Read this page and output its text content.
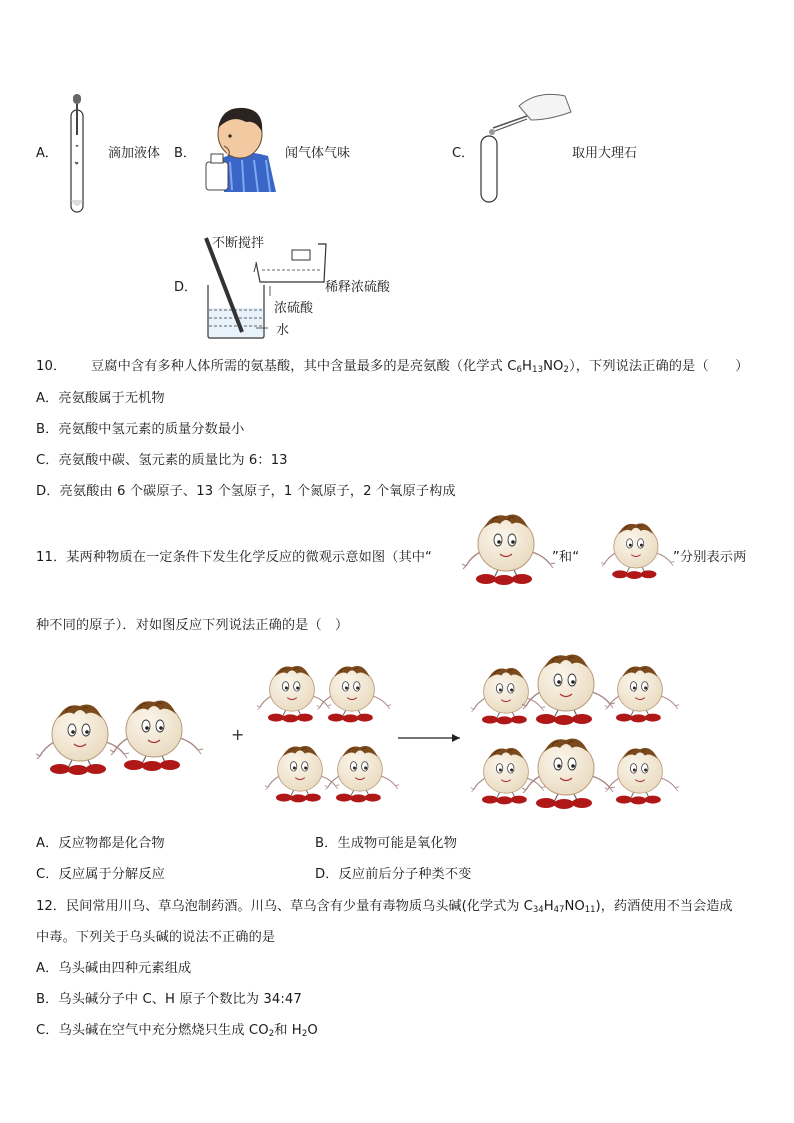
A．	滴加液体 B．	闻气体气味	C．	取用大理石
D．
不断搅拌
稀释浓硫酸
浓硫酸
水
10． 豆腐中含有多种人体所需的氨基酸，其中含量最多的是亮氨酸（化学式 $C_6H_{13}NO_2$），下列说法正确的是（　　）
A．亮氨酸属于无机物
B．亮氨酸中氢元素的质量分数最小
C．亮氨酸中碳、氢元素的质量比为 6：13
D．亮氨酸由 6 个碳原子、13 个氢原子，1 个氮原子，2 个氧原子构成
11．某两种物质在一定条件下发生化学反应的微观示意如图（其中“	”和“	”分别表示两
种不同的原子）．对如图反应下列说法正确的是（　）
+
A．反应物都是化合物	B．生成物可能是氧化物
C．反应属于分解反应	D．反应前后分子种类不变
12．民间常用川乌、草乌泡制药酒。川乌、草乌含有少量有毒物质乌头碱(化学式为 $C_{34}H_{47}NO_{11}$)，药酒使用不当会造成
中毒。下列关于乌头碱的说法不正确的是
A．乌头碱由四种元素组成
B．乌头碱分子中 C、H 原子个数比为 34:47
C．乌头碱在空气中充分燃烧只生成 $CO_2$和 $H_2O$
